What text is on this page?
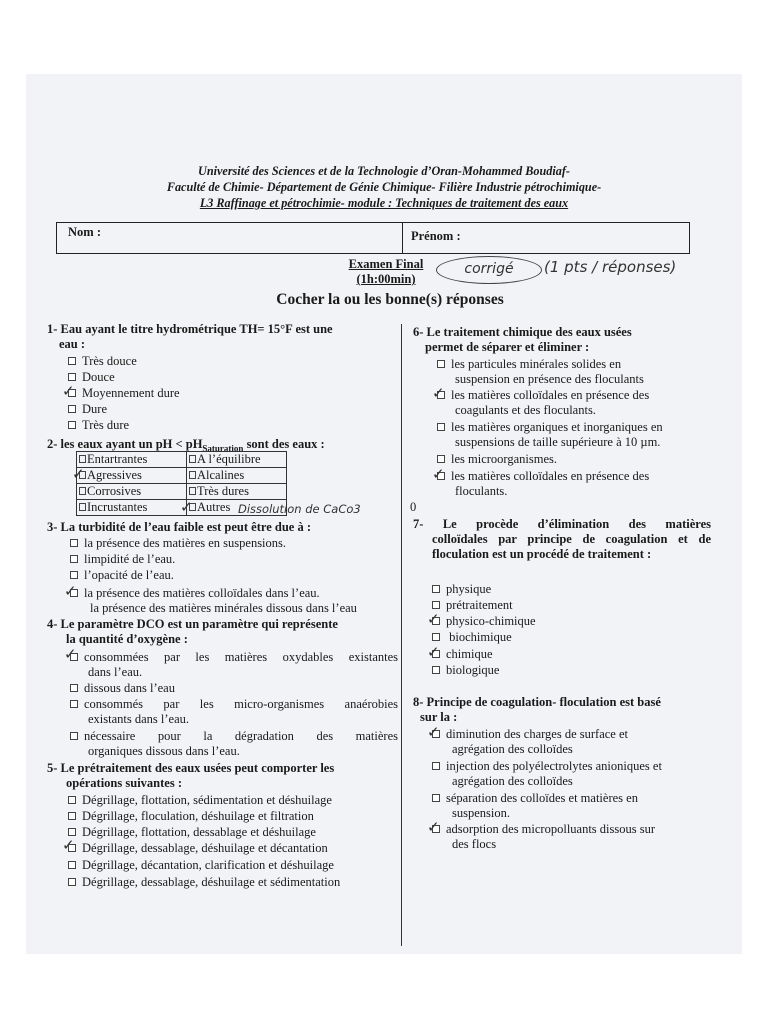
Université des Sciences et de la Technologie d’Oran-Mohammed Boudiaf-
Faculté de Chimie- Département de Génie Chimique- Filière Industrie pétrochimique-
L3 Raffinage et pétrochimie- module : Techniques de traitement des eaux
Nom :	Prénom :
Examen Final
(1h:00min)
corrigé	(1 pts / réponses)
Cocher la ou les bonne(s) réponses
1- Eau ayant le titre hydrométrique TH= 15°F est une
eau :
Très douce
Douce
Moyennement dure
Dure
Très dure
✓
2- les eaux ayant un pH < $pH_{Saturation}$ sont des eaux :
Entartrantes	A l’équilibre
Agressives	Alcalines
Corrosives	Très dures
Incrustantes	Autres
✓
✓	Dissolution de CaCo3
3- La turbidité de l’eau faible est peut être due à :
la présence des matières en suspensions.
limpidité de l’eau.
l’opacité de l’eau.
la présence des matières colloïdales dans l’eau.
la présence des matières minérales dissous dans l’eau
✓
4- Le paramètre DCO est un paramètre qui représente
la quantité d’oxygène :
consommées par les matières oxydables existantes
dans l’eau.
dissous dans l’eau
consommés par les micro-organismes anaérobies
existants dans l’eau.
nécessaire pour la dégradation des matières
organiques dissous dans l’eau.
✓
5- Le prétraitement des eaux usées peut comporter les
opérations suivantes :
Dégrillage, flottation, sédimentation et déshuilage
Dégrillage, floculation, déshuilage et filtration
Dégrillage, flottation, dessablage et déshuilage
Dégrillage, dessablage, déshuilage et décantation
Dégrillage, décantation, clarification et déshuilage
Dégrillage, dessablage, déshuilage et sédimentation
✓
6- Le traitement chimique des eaux usées
permet de séparer et éliminer :
les particules minérales solides en
suspension en présence des floculants
les matières colloïdales en présence des
coagulants et des floculants.
les matières organiques et inorganiques en
suspensions de taille supérieure à 10 µm.
les microorganismes.
les matières colloïdales en présence des
floculants.
0
✓
✓
7- Le procède d’élimination des matières
colloïdales par principe de coagulation et de
floculation est un procédé de traitement :
physique
prétraitement
physico-chimique
biochimique
chimique
biologique
✓
✓
8- Principe de coagulation- floculation est basé
sur la :
diminution des charges de surface et
agrégation des colloïdes
injection des polyélectrolytes anioniques et
agrégation des colloïdes
séparation des colloïdes et matières en
suspension.
adsorption des micropolluants dissous sur
des flocs
✓
✓
